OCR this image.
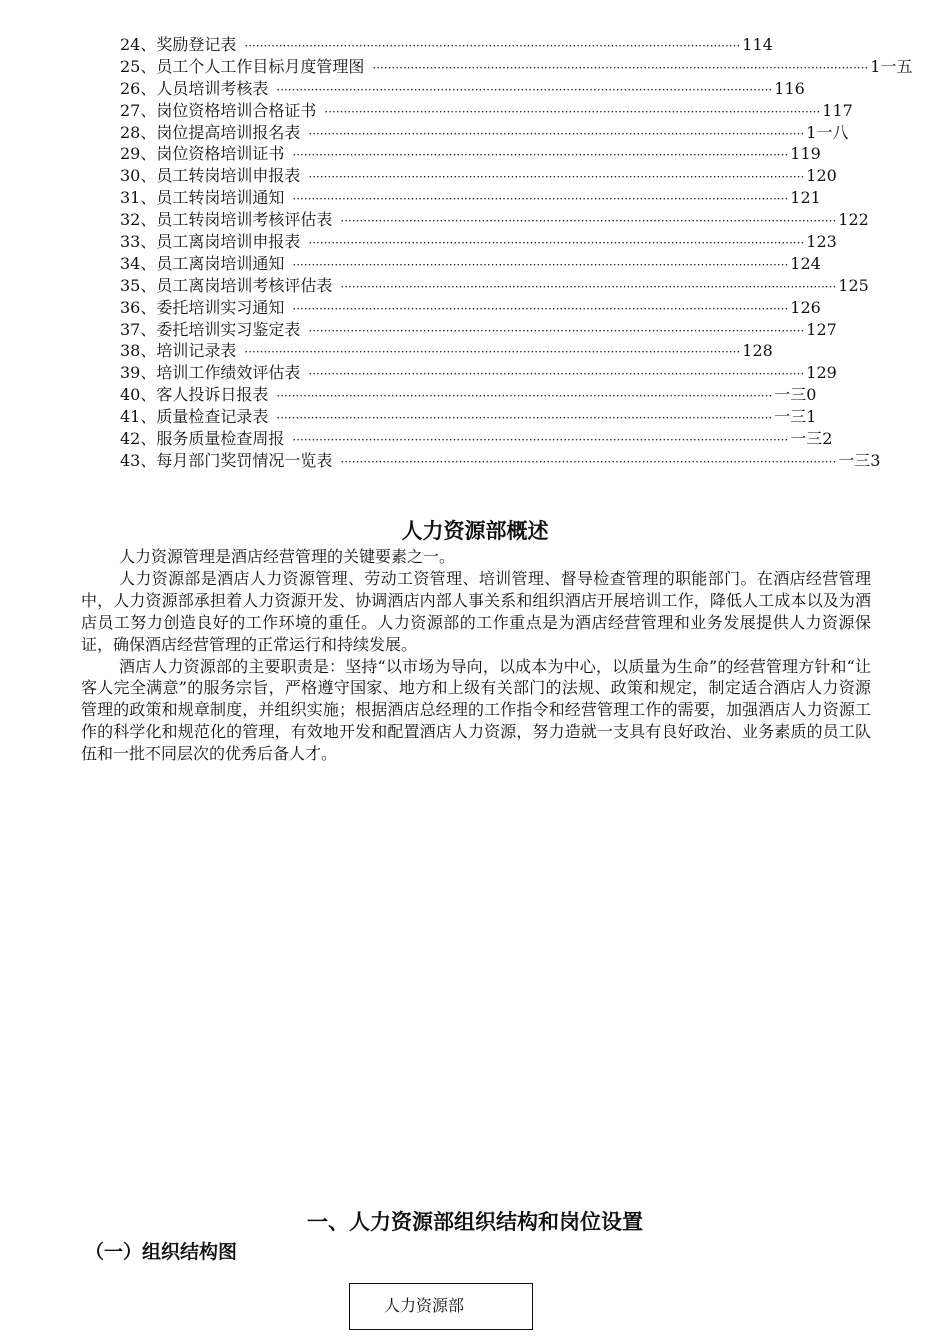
24、奖励登记表 ·································································································································· 114
25、员工个人工作目标月度管理图 ·································································································································· 1一五
26、人员培训考核表 ·································································································································· 116
27、岗位资格培训合格证书 ·································································································································· 117
28、岗位提高培训报名表 ·································································································································· 1一八
29、岗位资格培训证书 ·································································································································· 119
30、员工转岗培训申报表 ·································································································································· 120
31、员工转岗培训通知 ·································································································································· 121
32、员工转岗培训考核评估表 ·································································································································· 122
33、员工离岗培训申报表 ·································································································································· 123
34、员工离岗培训通知 ·································································································································· 124
35、员工离岗培训考核评估表 ·································································································································· 125
36、委托培训实习通知 ·································································································································· 126
37、委托培训实习鉴定表 ·································································································································· 127
38、培训记录表 ·································································································································· 128
39、培训工作绩效评估表 ·································································································································· 129
40、客人投诉日报表 ·································································································································· 一三0
41、质量检查记录表 ·································································································································· 一三1
42、服务质量检查周报 ·································································································································· 一三2
43、每月部门奖罚情况一览表 ·································································································································· 一三3
人力资源部概述

人力资源管理是酒店经营管理的关键要素之一。

人力资源部是酒店人力资源管理、劳动工资管理、培训管理、督导检查管理的职能部门。在酒店经营管理中，人力资源部承担着人力资源开发、协调酒店内部人事关系和组织酒店开展培训工作，降低人工成本以及为酒店员工努力创造良好的工作环境的重任。人力资源部的工作重点是为酒店经营管理和业务发展提供人力资源保证，确保酒店经营管理的正常运行和持续发展。

酒店人力资源部的主要职责是：坚持“以市场为导向，以成本为中心，以质量为生命”的经营管理方针和“让客人完全满意”的服务宗旨，严格遵守国家、地方和上级有关部门的法规、政策和规定，制定适合酒店人力资源管理的政策和规章制度，并组织实施；根据酒店总经理的工作指令和经营管理工作的需要，加强酒店人力资源工作的科学化和规范化的管理，有效地开发和配置酒店人力资源，努力造就一支具有良好政治、业务素质的员工队伍和一批不同层次的优秀后备人才。

一、人力资源部组织结构和岗位设置
（一）组织结构图
人力资源部
